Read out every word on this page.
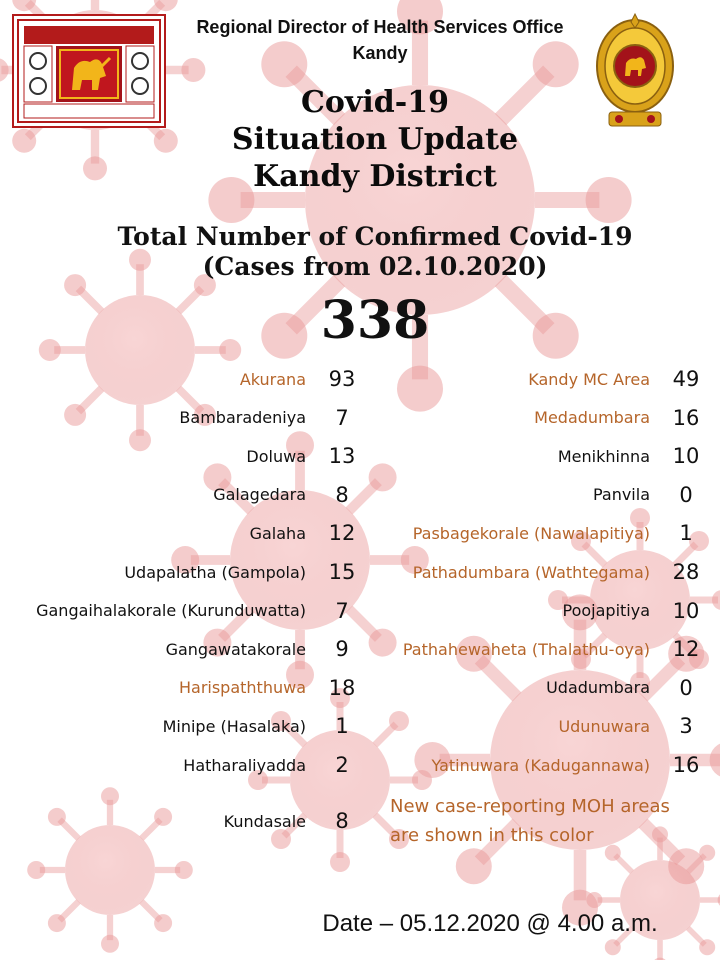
Regional Director of Health Services Office
Kandy
Covid-19
Situation Update
Kandy District
Total Number of Confirmed Covid-19
(Cases from 02.10.2020)
338
Akurana	93
Bambaradeniya	7
Doluwa	13
Galagedara	8
Galaha	12
Udapalatha (Gampola)	15
Gangaihalakorale (Kurunduwatta)	7
Gangawatakorale	9
Harispaththuwa	18
Minipe (Hasalaka)	1
Hatharaliyadda	2
Kundasale	8
Kandy MC Area	49
Medadumbara	16
Menikhinna	10
Panvila	0
Pasbagekorale (Nawalapitiya)	1
Pathadumbara (Wathtegama)	28
Poojapitiya	10
Pathahewaheta (Thalathu-oya)	12
Udadumbara	0
Udunuwara	3
Yatinuwara (Kadugannawa)	16
New case-reporting MOH areas
are shown in this color
Date – 05.12.2020 @ 4.00 a.m.
